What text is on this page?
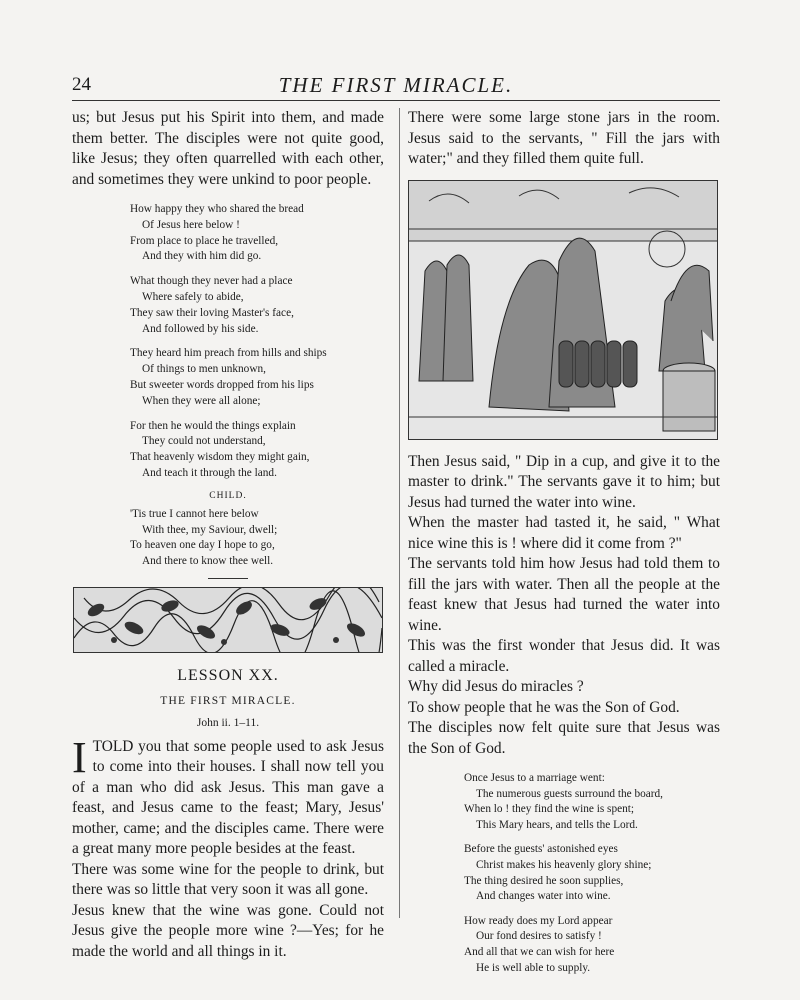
24	THE FIRST MIRACLE.

us; but Jesus put his Spirit into them, and made them better. The disciples were not quite good, like Jesus; they often quarrelled with each other, and sometimes they were unkind to poor people.

How happy they who shared the bread
Of Jesus here below !
From place to place he travelled,
And they with him did go.
What though they never had a place
Where safely to abide,
They saw their loving Master's face,
And followed by his side.
They heard him preach from hills and ships
Of things to men unknown,
But sweeter words dropped from his lips
When they were all alone;
For then he would the things explain
They could not understand,
That heavenly wisdom they might gain,
And teach it through the land.
CHILD.
'Tis true I cannot here below
With thee, my Saviour, dwell;
To heaven one day I hope to go,
And there to know thee well.
LESSON XX.
THE FIRST MIRACLE.
John ii. 1–11.

ITOLD you that some people used to ask Jesus to come into their houses. I shall now tell you of a man who did ask Jesus. This man gave a feast, and Jesus came to the feast; Mary, Jesus' mother, came; and the disciples came. There were a great many more people besides at the feast.

There was some wine for the people to drink, but there was so little that very soon it was all gone.

Jesus knew that the wine was gone. Could not Jesus give the people more wine ?—Yes; for he made the world and all things in it.

There were some large stone jars in the room. Jesus said to the servants, " Fill the jars with water;" and they filled them quite full.

Then Jesus said, " Dip in a cup, and give it to the master to drink." The servants gave it to him; but Jesus had turned the water into wine.

When the master had tasted it, he said, " What nice wine this is ! where did it come from ?"

The servants told him how Jesus had told them to fill the jars with water. Then all the people at the feast knew that Jesus had turned the water into wine.

This was the first wonder that Jesus did. It was called a miracle.

Why did Jesus do miracles ?

To show people that he was the Son of God.

The disciples now felt quite sure that Jesus was the Son of God.

Once Jesus to a marriage went:
The numerous guests surround the board,
When lo ! they find the wine is spent;
This Mary hears, and tells the Lord.
Before the guests' astonished eyes
Christ makes his heavenly glory shine;
The thing desired he soon supplies,
And changes water into wine.
How ready does my Lord appear
Our fond desires to satisfy !
And all that we can wish for here
He is well able to supply.
